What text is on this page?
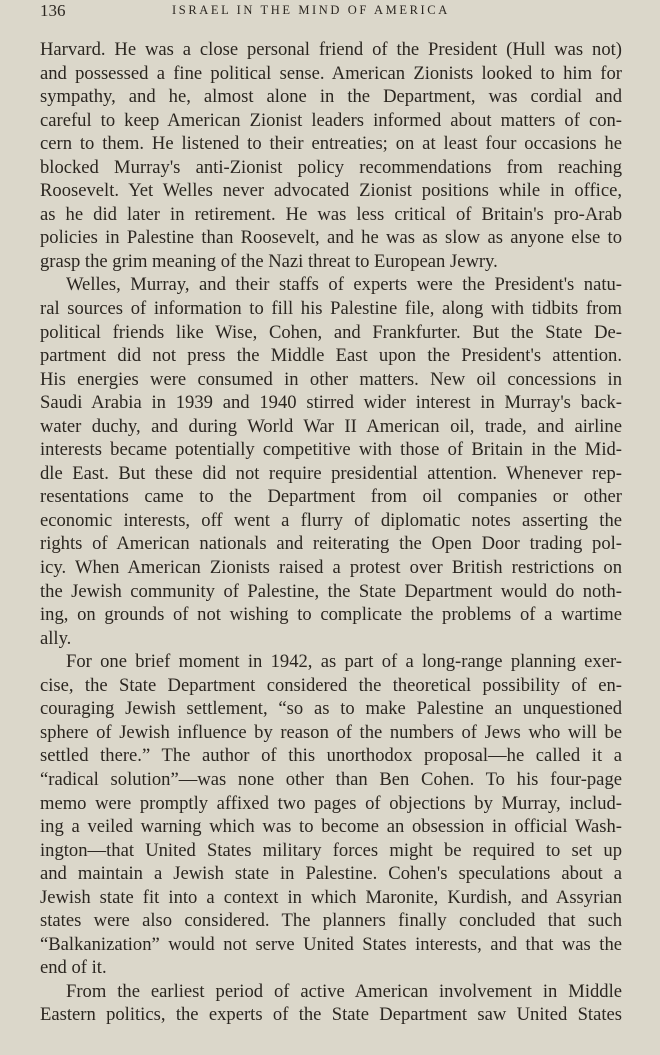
136	ISRAEL IN THE MIND OF AMERICA
Harvard. He was a close personal friend of the President (Hull was not)
and possessed a fine political sense. American Zionists looked to him for
sympathy, and he, almost alone in the Department, was cordial and
careful to keep American Zionist leaders informed about matters of con-
cern to them. He listened to their entreaties; on at least four occasions he
blocked Murray's anti-Zionist policy recommendations from reaching
Roosevelt. Yet Welles never advocated Zionist positions while in office,
as he did later in retirement. He was less critical of Britain's pro-Arab
policies in Palestine than Roosevelt, and he was as slow as anyone else to
grasp the grim meaning of the Nazi threat to European Jewry.
Welles, Murray, and their staffs of experts were the President's natu-
ral sources of information to fill his Palestine file, along with tidbits from
political friends like Wise, Cohen, and Frankfurter. But the State De-
partment did not press the Middle East upon the President's attention.
His energies were consumed in other matters. New oil concessions in
Saudi Arabia in 1939 and 1940 stirred wider interest in Murray's back-
water duchy, and during World War II American oil, trade, and airline
interests became potentially competitive with those of Britain in the Mid-
dle East. But these did not require presidential attention. Whenever rep-
resentations came to the Department from oil companies or other
economic interests, off went a flurry of diplomatic notes asserting the
rights of American nationals and reiterating the Open Door trading pol-
icy. When American Zionists raised a protest over British restrictions on
the Jewish community of Palestine, the State Department would do noth-
ing, on grounds of not wishing to complicate the problems of a wartime
ally.
For one brief moment in 1942, as part of a long-range planning exer-
cise, the State Department considered the theoretical possibility of en-
couraging Jewish settlement, “so as to make Palestine an unquestioned
sphere of Jewish influence by reason of the numbers of Jews who will be
settled there.” The author of this unorthodox proposal—he called it a
“radical solution”—was none other than Ben Cohen. To his four-page
memo were promptly affixed two pages of objections by Murray, includ-
ing a veiled warning which was to become an obsession in official Wash-
ington—that United States military forces might be required to set up
and maintain a Jewish state in Palestine. Cohen's speculations about a
Jewish state fit into a context in which Maronite, Kurdish, and Assyrian
states were also considered. The planners finally concluded that such
“Balkanization” would not serve United States interests, and that was the
end of it.
From the earliest period of active American involvement in Middle
Eastern politics, the experts of the State Department saw United States
